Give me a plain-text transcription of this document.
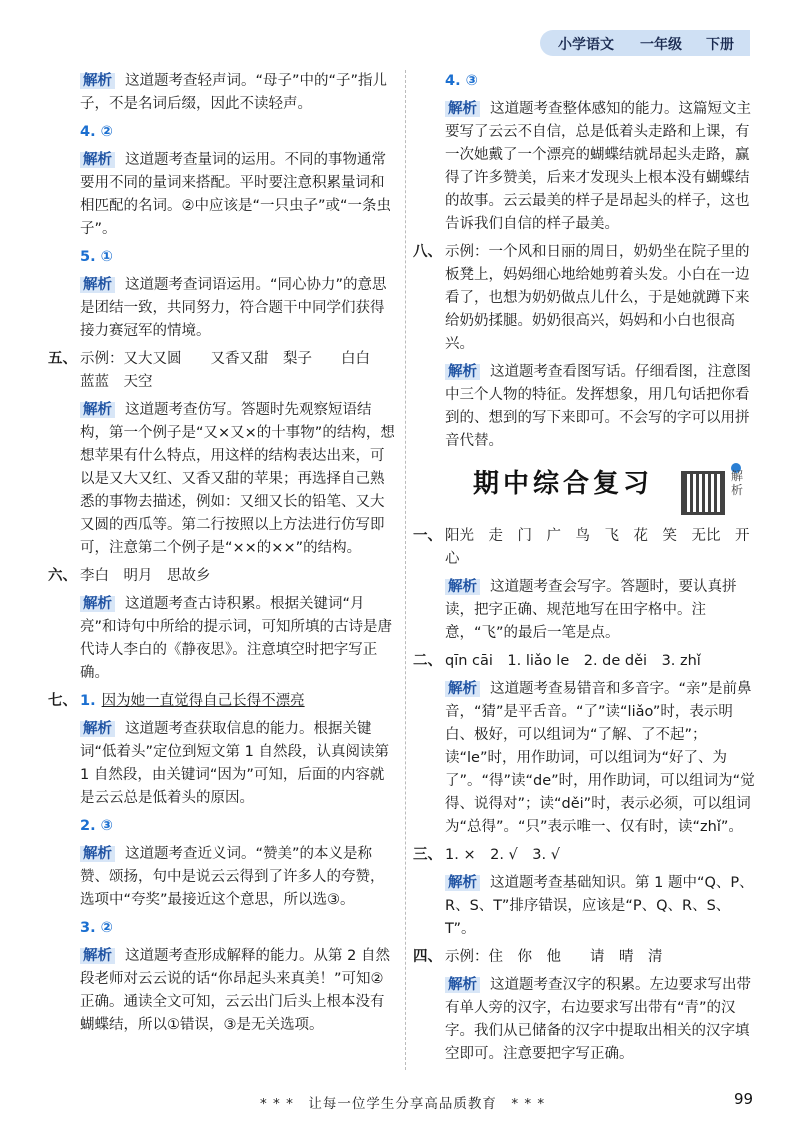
小学语文 一年级 下册
解析 这道题考查轻声词。“母子”中的“子”指儿子，不是名词后缀，因此不读轻声。
4. ②
解析 这道题考查量词的运用。不同的事物通常要用不同的量词来搭配。平时要注意积累量词和相匹配的名词。②中应该是“一只虫子”或“一条虫子”。
5. ①
解析 这道题考查词语运用。“同心协力”的意思是团结一致，共同努力，符合题干中同学们获得接力赛冠军的情境。
五、 示例：又大又圆　　又香又甜　梨子　　白白　　蓝蓝　天空
解析 这道题考查仿写。答题时先观察短语结构，第一个例子是“又×又×的十事物”的结构，想想苹果有什么特点，用这样的结构表达出来，可以是又大又红、又香又甜的苹果；再选择自己熟悉的事物去描述，例如：又细又长的铅笔、又大又圆的西瓜等。第二行按照以上方法进行仿写即可，注意第二个例子是“××的××”的结构。
六、 李白　明月　思故乡
解析 这道题考查古诗积累。根据关键词“月亮”和诗句中所给的提示词，可知所填的古诗是唐代诗人李白的《静夜思》。注意填空时把字写正确。
七、 1. 因为她一直觉得自己长得不漂亮
解析 这道题考查获取信息的能力。根据关键词“低着头”定位到短文第 1 自然段，认真阅读第 1 自然段，由关键词“因为”可知，后面的内容就是云云总是低着头的原因。
2. ③
解析 这道题考查近义词。“赞美”的本义是称赞、颂扬，句中是说云云得到了许多人的夸赞，选项中“夸奖”最接近这个意思，所以选③。
3. ②
解析 这道题考查形成解释的能力。从第 2 自然段老师对云云说的话“你昂起头来真美！”可知②正确。通读全文可知，云云出门后头上根本没有蝴蝶结，所以①错误，③是无关选项。
4. ③
解析 这道题考查整体感知的能力。这篇短文主要写了云云不自信，总是低着头走路和上课，有一次她戴了一个漂亮的蝴蝶结就昂起头走路，赢得了许多赞美，后来才发现头上根本没有蝴蝶结的故事。云云最美的样子是昂起头的样子，这也告诉我们自信的样子最美。
八、 示例：一个风和日丽的周日，奶奶坐在院子里的板凳上，妈妈细心地给她剪着头发。小白在一边看了，也想为奶奶做点儿什么，于是她就蹲下来给奶奶揉腿。奶奶很高兴，妈妈和小白也很高兴。
解析 这道题考查看图写话。仔细看图，注意图中三个人物的特征。发挥想象，用几句话把你看到的、想到的写下来即可。不会写的字可以用拼音代替。
期中综合复习	解析
一、 阳光　走　门　广　鸟　飞　花　笑　无比　开心
解析 这道题考查会写字。答题时，要认真拼读，把字正确、规范地写在田字格中。注意，“飞”的最后一笔是点。
二、 qīn cāi　1. liǎo le　2. de děi　3. zhǐ
解析 这道题考查易错音和多音字。“亲”是前鼻音，“猜”是平舌音。“了”读“liǎo”时，表示明白、极好，可以组词为“了解、了不起”；读“le”时，用作助词，可以组词为“好了、为了”。“得”读“de”时，用作助词，可以组词为“觉得、说得对”；读“děi”时，表示必须，可以组词为“总得”。“只”表示唯一、仅有时，读“zhǐ”。
三、 1. ×　2. √　3. √
解析 这道题考查基础知识。第 1 题中“Q、P、R、S、T”排序错误，应该是“P、Q、R、S、T”。
四、 示例：住　你　他　　请　晴　清
解析 这道题考查汉字的积累。左边要求写出带有单人旁的汉字，右边要求写出带有“青”的汉字。我们从已储备的汉字中提取出相关的汉字填空即可。注意要把字写正确。
* * *　让每一位学生分享高品质教育　* * *	99
